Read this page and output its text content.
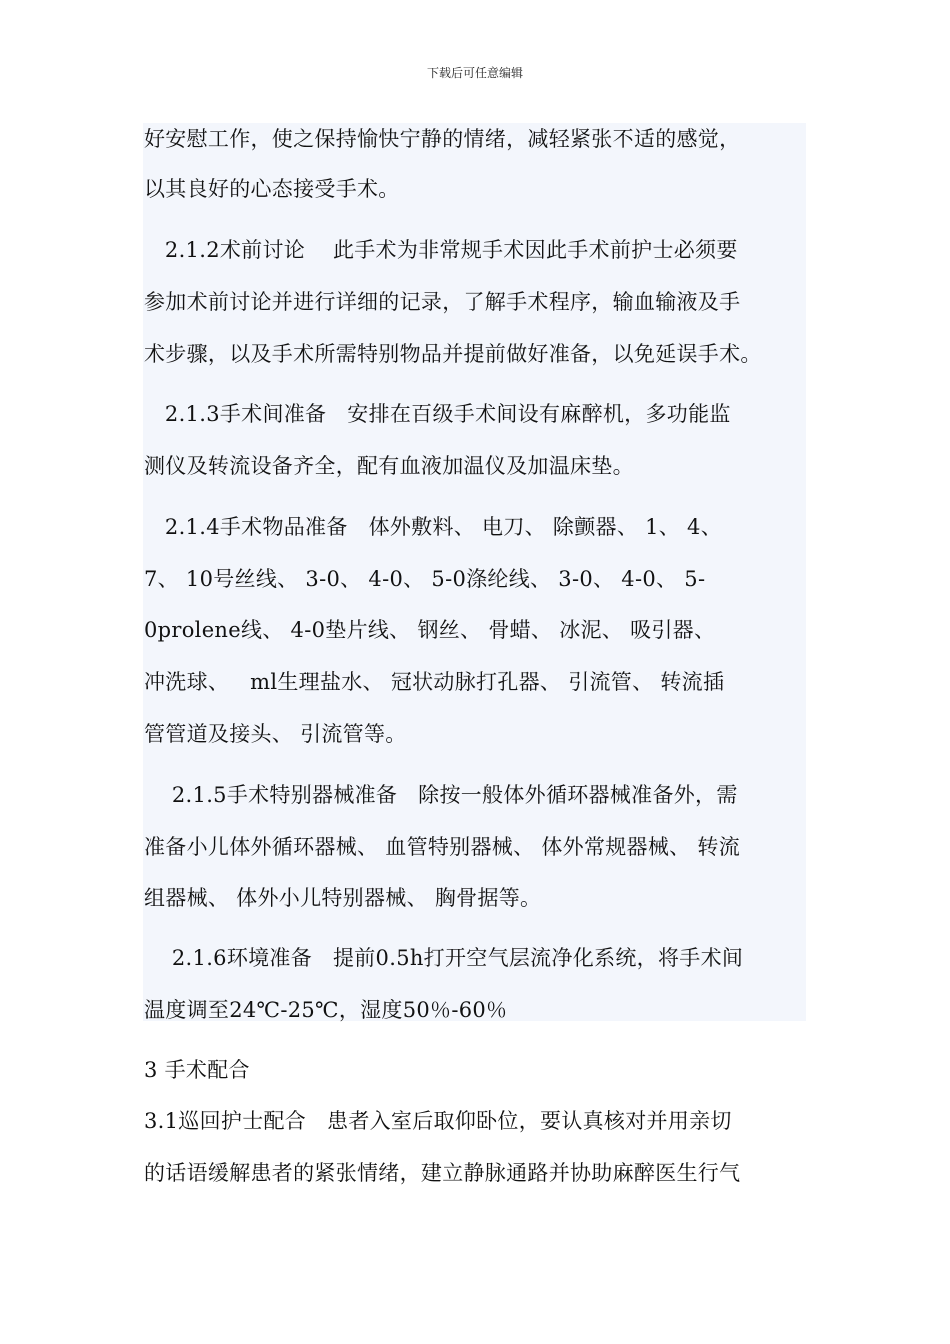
下载后可任意编辑
好安慰工作，使之保持愉快宁静的情绪，减轻紧张不适的感觉，
以其良好的心态接受手术。
2.1.2术前讨论    此手术为非常规手术因此手术前护士必须要
参加术前讨论并进行详细的记录，了解手术程序，输血输液及手
术步骤，以及手术所需特别物品并提前做好准备，以免延误手术。
2.1.3手术间准备   安排在百级手术间设有麻醉机，多功能监
测仪及转流设备齐全，配有血液加温仪及加温床垫。
2.1.4手术物品准备   体外敷料、 电刀、 除颤器、 1、 4、
7、 10号丝线、 3-0、 4-0、 5-0涤纶线、 3-0、 4-0、 5-
0prolene线、 4-0垫片线、 钢丝、 骨蜡、 冰泥、 吸引器、
冲洗球、   ml生理盐水、 冠状动脉打孔器、 引流管、 转流插
管管道及接头、 引流管等。
2.1.5手术特别器械准备   除按一般体外循环器械准备外，需
准备小儿体外循环器械、 血管特别器械、 体外常规器械、 转流
组器械、 体外小儿特别器械、 胸骨据等。
2.1.6环境准备   提前0.5h打开空气层流净化系统，将手术间
温度调至24℃-25℃，湿度50％-60％
3 手术配合
3.1巡回护士配合   患者入室后取仰卧位，要认真核对并用亲切
的话语缓解患者的紧张情绪，建立静脉通路并协助麻醉医生行气
